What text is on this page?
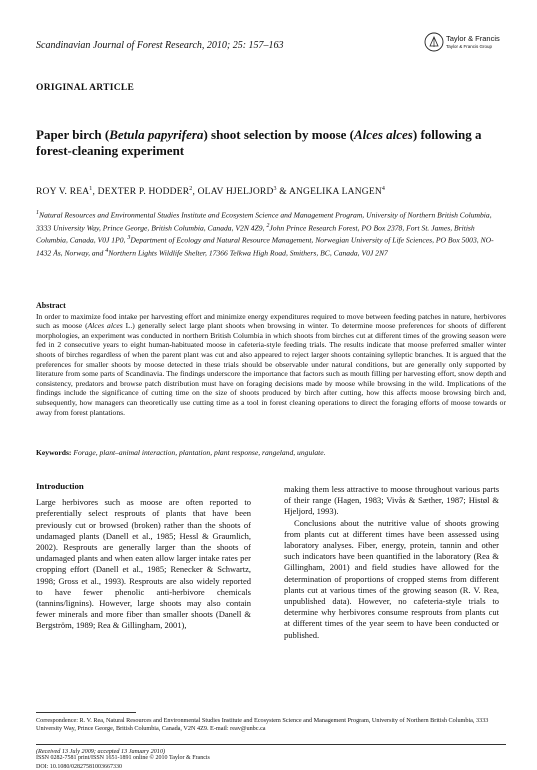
Scandinavian Journal of Forest Research, 2010; 25: 157–163
Taylor & Francis
Taylor & Francis Group
ORIGINAL ARTICLE
Paper birch (Betula papyrifera) shoot selection by moose (Alces alces) following a forest-cleaning experiment
ROY V. REA$^1$, DEXTER P. HODDER$^2$, OLAV HJELJORD$^3$ & ANGELIKA LANGEN$^4$
$^1$Natural Resources and Environmental Studies Institute and Ecosystem Science and Management Program, University of Northern British Columbia, 3333 University Way, Prince George, British Columbia, Canada, V2N 4Z9, $^2$John Prince Research Forest, PO Box 2378, Fort St. James, British Columbia, Canada, V0J 1P0, $^3$Department of Ecology and Natural Resource Management, Norwegian University of Life Sciences, PO Box 5003, NO-1432 Ås, Norway, and $^4$Northern Lights Wildlife Shelter, 17366 Telkwa High Road, Smithers, BC, Canada, V0J 2N7
Abstract

In order to maximize food intake per harvesting effort and minimize energy expenditures required to move between feeding patches in nature, herbivores such as moose (Alces alces L.) generally select large plant shoots when browsing in winter. To determine moose preferences for shoots of different morphologies, an experiment was conducted in northern British Columbia in which shoots from birches cut at different times of the growing season were fed in 2 consecutive years to eight human-habituated moose in cafeteria-style feeding trials. The results indicate that moose preferred smaller winter shoots of birches regardless of when the parent plant was cut and also appeared to reject larger shoots containing sylleptic branches. It is argued that the preferences for smaller shoots by moose detected in these trials should be observable under natural conditions, but are generally only supported by literature from some parts of Scandinavia. The findings underscore the importance that factors such as mouth filling per harvesting effort, snow depth and consistency, predators and browse patch distribution must have on foraging decisions made by moose while browsing in the wild. Implications of the findings include the significance of cutting time on the size of shoots produced by birch after cutting, how this affects moose browsing birch and, subsequently, how managers can theoretically use cutting time as a tool in forest cleaning operations to direct the foraging efforts of moose towards or away from forest plantations.

Keywords: Forage, plant–animal interaction, plantation, plant response, rangeland, ungulate.
Introduction

Large herbivores such as moose are often reported to preferentially select resprouts of plants that have been previously cut or browsed (broken) rather than the shoots of undamaged plants (Danell et al., 1985; Hessl & Graumlich, 2002). Resprouts are generally larger than the shoots of undamaged plants and when eaten allow larger intake rates per cropping effort (Danell et al., 1985; Renecker & Schwartz, 1998; Gross et al., 1993). Resprouts are also widely reported to have fewer phenolic anti-herbivore chemicals (tannins/lignins). However, large shoots may also contain fewer minerals and more fiber than smaller shoots (Danell & Bergström, 1989; Rea & Gillingham, 2001),

making them less attractive to moose throughout various parts of their range (Hagen, 1983; Vivås & Sæther, 1987; Histøl & Hjeljord, 1993).

Conclusions about the nutritive value of shoots growing from plants cut at different times have been assessed using laboratory analyses. Fiber, energy, protein, tannin and other such indicators have been quantified in the laboratory (Rea & Gillingham, 2001) and field studies have allowed for the determination of proportions of cropped stems from different plants cut at various times of the growing season (R. V. Rea, unpublished data). However, no cafeteria-style trials to determine why herbivores consume resprouts from plants cut at different times of the year seem to have been conducted or published.

Correspondence: R. V. Rea, Natural Resources and Environmental Studies Institute and Ecosystem Science and Management Program, University of Northern British Columbia, 3333 University Way, Prince George, British Columbia, Canada, V2N 4Z9. E-mail: reav@unbc.ca
(Received 13 July 2009; accepted 13 January 2010)
ISSN 0282-7581 print/ISSN 1651-1891 online © 2010 Taylor & Francis
DOI: 10.1080/02827581003667330
